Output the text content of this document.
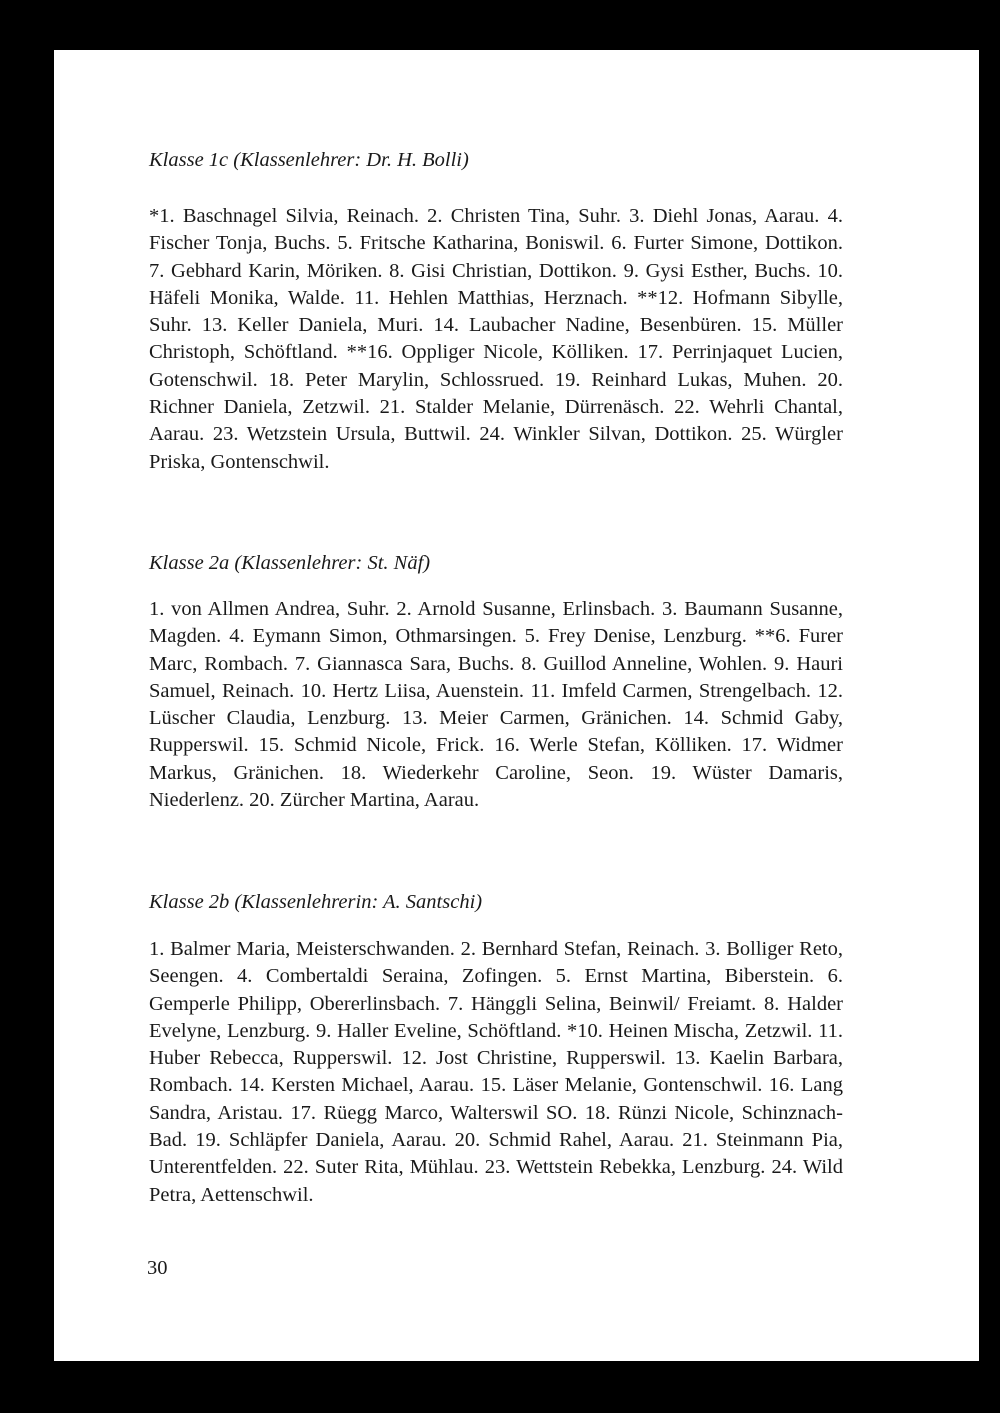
Klasse 1c (Klassenlehrer: Dr. H. Bolli)

*1. Baschnagel Silvia, Reinach. 2. Christen Tina, Suhr. 3. Diehl Jonas, Aarau. 4. Fischer Tonja, Buchs. 5. Fritsche Katharina, Boniswil. 6. Furter Simone, Dottikon. 7. Gebhard Karin, Möriken. 8. Gisi Christian, Dottikon. 9. Gysi Esther, Buchs. 10. Häfeli Monika, Walde. 11. Hehlen Matthias, Herznach. **12. Hofmann Sibylle, Suhr. 13. Keller Daniela, Muri. 14. Laubacher Nadine, Besenbüren. 15. Müller Christoph, Schöftland. **16. Oppliger Nicole, Kölliken. 17. Perrinjaquet Lucien, Gotenschwil. 18. Peter Marylin, Schlossrued. 19. Reinhard Lukas, Muhen. 20. Richner Daniela, Zetzwil. 21. Stalder Melanie, Dürrenäsch. 22. Wehrli Chantal, Aarau. 23. Wetzstein Ursula, Buttwil. 24. Winkler Silvan, Dottikon. 25. Würgler Priska, Gontenschwil.

Klasse 2a (Klassenlehrer: St. Näf)

1. von Allmen Andrea, Suhr. 2. Arnold Susanne, Erlinsbach. 3. Baumann Susanne, Magden. 4. Eymann Simon, Othmarsingen. 5. Frey Denise, Lenzburg. **6. Furer Marc, Rombach. 7. Giannasca Sara, Buchs. 8. Guillod Anneline, Wohlen. 9. Hauri Samuel, Reinach. 10. Hertz Liisa, Auenstein. 11. Imfeld Carmen, Strengelbach. 12. Lüscher Claudia, Lenzburg. 13. Meier Carmen, Gränichen. 14. Schmid Gaby, Rupperswil. 15. Schmid Nicole, Frick. 16. Werle Stefan, Kölliken. 17. Widmer Markus, Gränichen. 18. Wiederkehr Caroline, Seon. 19. Wüster Damaris, Niederlenz. 20. Zürcher Martina, Aarau.

Klasse 2b (Klassenlehrerin: A. Santschi)

1. Balmer Maria, Meisterschwanden. 2. Bernhard Stefan, Reinach. 3. Bolliger Reto, Seengen. 4. Combertaldi Seraina, Zofingen. 5. Ernst Martina, Biberstein. 6. Gemperle Philipp, Obererlinsbach. 7. Hänggli Selina, Beinwil/ Freiamt. 8. Halder Evelyne, Lenzburg. 9. Haller Eveline, Schöftland. *10. Heinen Mischa, Zetzwil. 11. Huber Rebecca, Rupperswil. 12. Jost Christine, Rupperswil. 13. Kaelin Barbara, Rombach. 14. Kersten Michael, Aarau. 15. Läser Melanie, Gontenschwil. 16. Lang Sandra, Aristau. 17. Rüegg Marco, Walterswil SO. 18. Rünzi Nicole, Schinznach-Bad. 19. Schläpfer Daniela, Aarau. 20. Schmid Rahel, Aarau. 21. Steinmann Pia, Unterentfelden. 22. Suter Rita, Mühlau. 23. Wettstein Rebekka, Lenzburg. 24. Wild Petra, Aettenschwil.

30
